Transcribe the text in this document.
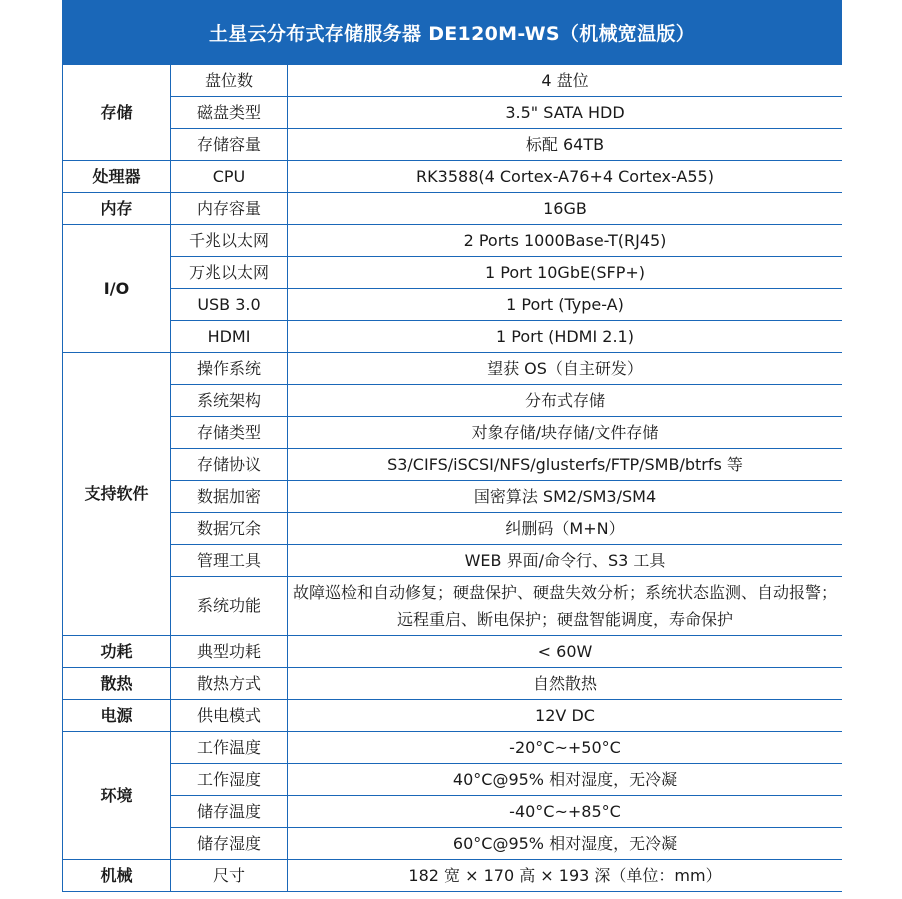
土星云分布式存储服务器 DE120M-WS（机械宽温版）
存储	盘位数	4 盘位
	磁盘类型	3.5" SATA HDD
	存储容量	标配 64TB
处理器	CPU	RK3588(4 Cortex-A76+4 Cortex-A55)
内存	内存容量	16GB
I/O	千兆以太网	2 Ports 1000Base-T(RJ45)
	万兆以太网	1 Port 10GbE(SFP+)
	USB 3.0	1 Port (Type-A)
	HDMI	1 Port (HDMI 2.1)
支持软件	操作系统	望获 OS（自主研发）
	系统架构	分布式存储
	存储类型	对象存储/块存储/文件存储
	存储协议	S3/CIFS/iSCSI/NFS/glusterfs/FTP/SMB/btrfs 等
	数据加密	国密算法 SM2/SM3/SM4
	数据冗余	纠删码（M+N）
	管理工具	WEB 界面/命令行、S3 工具
	系统功能	故障巡检和自动修复；硬盘保护、硬盘失效分析；系统状态监测、自动报警；远程重启、断电保护；硬盘智能调度，寿命保护
功耗	典型功耗	< 60W
散热	散热方式	自然散热
电源	供电模式	12V DC
环境	工作温度	-20°C~+50°C
	工作湿度	40°C@95% 相对湿度，无冷凝
	储存温度	-40°C~+85°C
	储存湿度	60°C@95% 相对湿度，无冷凝
机械	尺寸	182 宽 × 170 高 × 193 深（单位：mm）
